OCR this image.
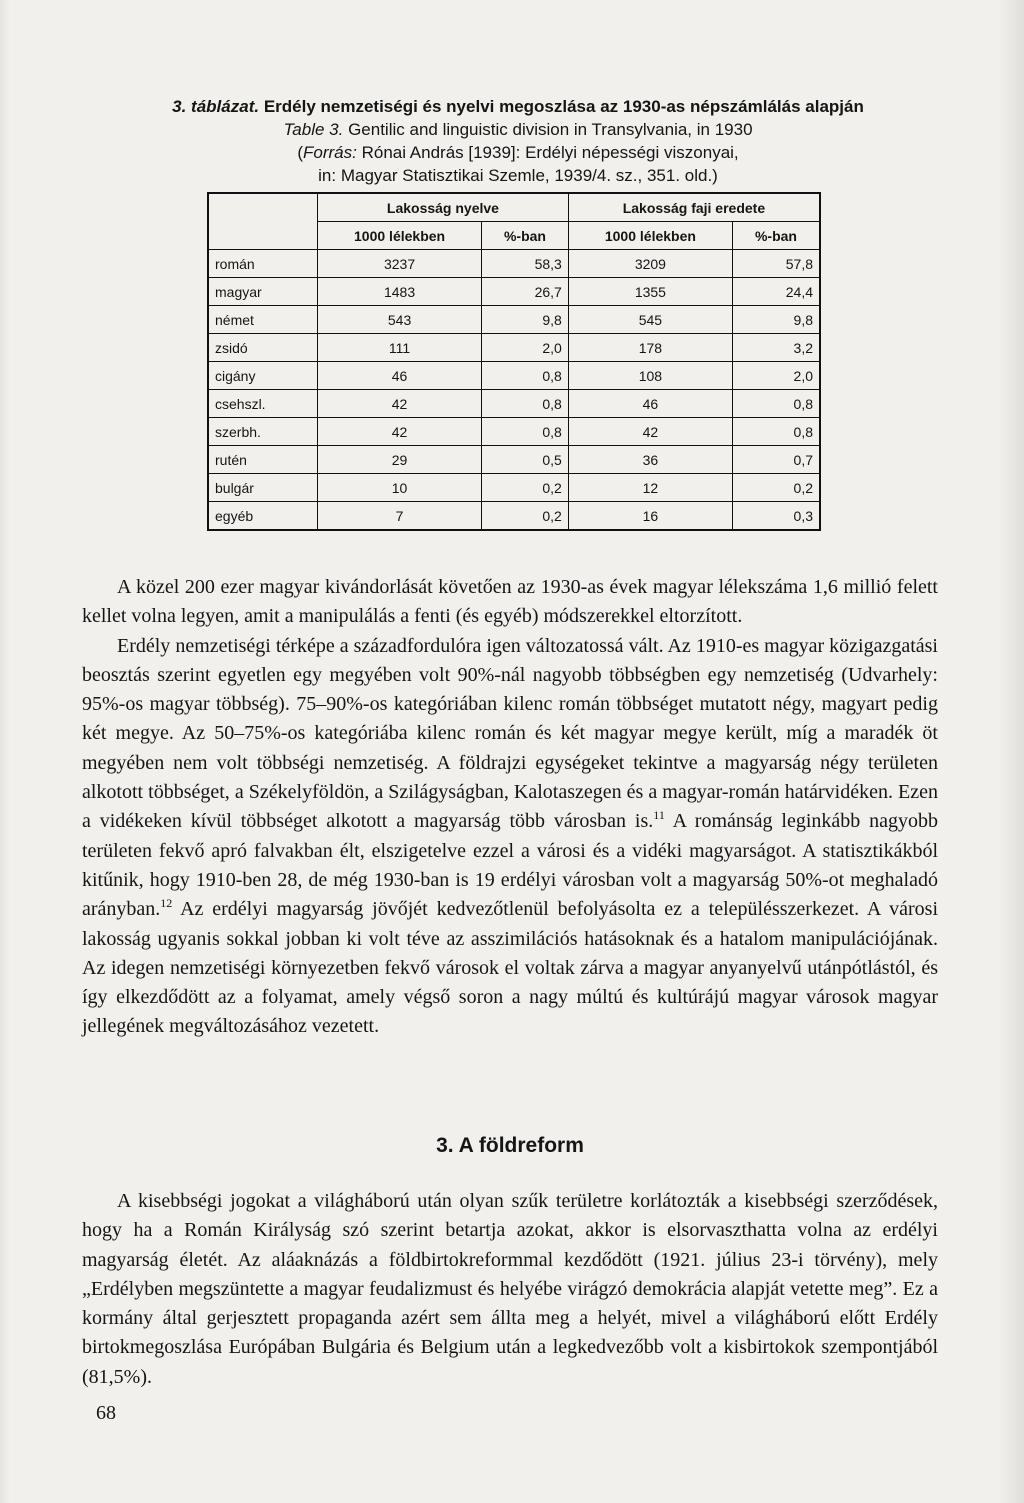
3. táblázat. Erdély nemzetiségi és nyelvi megoszlása az 1930-as népszámlálás alapján
Table 3. Gentilic and linguistic division in Transylvania, in 1930
(Forrás: Rónai András [1939]: Erdélyi népességi viszonyai,
in: Magyar Statisztikai Szemle, 1939/4. sz., 351. old.)
	Lakosság nyelve		Lakosság faji eredete	
	1000 lélekben	%-ban	1000 lélekben	%-ban
román	3237	58,3	3209	57,8
magyar	1483	26,7	1355	24,4
német	543	9,8	545	9,8
zsidó	111	2,0	178	3,2
cigány	46	0,8	108	2,0
csehszl.	42	0,8	46	0,8
szerbh.	42	0,8	42	0,8
rutén	29	0,5	36	0,7
bulgár	10	0,2	12	0,2
egyéb	7	0,2	16	0,3

A közel 200 ezer magyar kivándorlását követően az 1930-as évek magyar lélekszáma 1,6 millió felett kellet volna legyen, amit a manipulálás a fenti (és egyéb) módszerekkel eltorzított.

Erdély nemzetiségi térképe a századfordulóra igen változatossá vált. Az 1910-es magyar közigazgatási beosztás szerint egyetlen egy megyében volt 90%-nál nagyobb többségben egy nemzetiség (Udvarhely: 95%-os magyar többség). 75–90%-os kategóriában kilenc román többséget mutatott négy, magyart pedig két megye. Az 50–75%-os kategóriába kilenc román és két magyar megye került, míg a maradék öt megyében nem volt többségi nemzetiség. A földrajzi egységeket tekintve a magyarság négy területen alkotott többséget, a Székelyföldön, a Szilágyságban, Kalotaszegen és a magyar-román határvidéken. Ezen a vidékeken kívül többséget alkotott a magyarság több városban is.$^{11}$ A románság leginkább nagyobb területen fekvő apró falvakban élt, elszigetelve ezzel a városi és a vidéki magyarságot. A statisztikákból kitűnik, hogy 1910-ben 28, de még 1930-ban is 19 erdélyi városban volt a magyarság 50%-ot meghaladó arányban.$^{12}$ Az erdélyi magyarság jövőjét kedvezőtlenül befolyásolta ez a településszerkezet. A városi lakosság ugyanis sokkal jobban ki volt téve az asszimilációs hatásoknak és a hatalom manipulációjának. Az idegen nemzetiségi környezetben fekvő városok el voltak zárva a magyar anyanyelvű utánpótlástól, és így elkezdődött az a folyamat, amely végső soron a nagy múltú és kultúrájú magyar városok magyar jellegének megváltozásához vezetett.

3. A földreform

A kisebbségi jogokat a világháború után olyan szűk területre korlátozták a kisebbségi szerződések, hogy ha a Román Királyság szó szerint betartja azokat, akkor is elsorvaszthatta volna az erdélyi magyarság életét. Az aláaknázás a földbirtokreformmal kezdődött (1921. július 23-i törvény), mely „Erdélyben megszüntette a magyar feudalizmust és helyébe virágzó demokrácia alapját vetette meg”. Ez a kormány által gerjesztett propaganda azért sem állta meg a helyét, mivel a világháború előtt Erdély birtokmegoszlása Európában Bulgária és Belgium után a legkedvezőbb volt a kisbirtokok szempontjából (81,5%).

68
